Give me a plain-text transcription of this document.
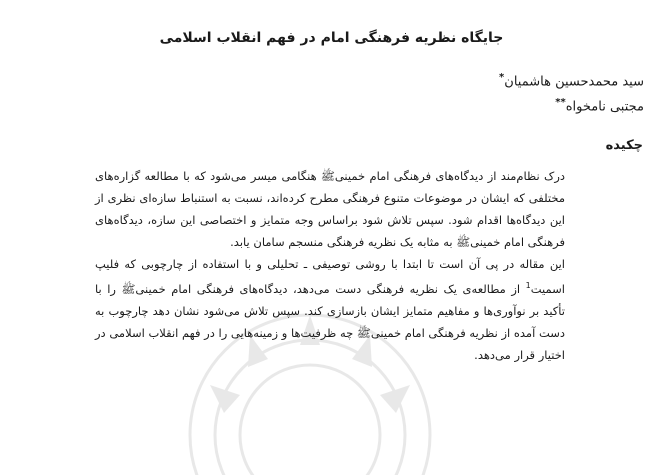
جایگاه نظریه فرهنگی امام در فهم انقلاب اسلامی
سید محمدحسین هاشمیان*
مجتبی نامخواه**
چکیده

درک نظام‌مند از دیدگاه‌های فرهنگی امام خمینی‌ﷺ هنگامی میسر می‌شود که با مطالعه گزاره‌های مختلفی که ایشان در موضوعات متنوع فرهنگی مطرح کرده‌اند، نسبت به استنباط سازه‌ای نظری از این دیدگاه‌ها اقدام شود. سپس تلاش شود براساس وجه متمایز و اختصاصی این سازه، دیدگاه‌های فرهنگی امام خمینی‌ﷺ به مثابه یک نظریه فرهنگی منسجم سامان یابد.

این مقاله در پی آن است تا ابتدا با روشی توصیفی ـ تحلیلی و با استفاده از چارچوبی که فلیپ اسمیت$^1$ از مطالعه‌ی یک نظریه فرهنگی دست می‌دهد، دیدگاه‌های فرهنگی امام خمینی‌ﷺ را با تأکید بر نوآوری‌ها و مفاهیم متمایز ایشان بازسازی کند. سپس تلاش می‌شود نشان دهد چارچوب به دست آمده از نظریه فرهنگی امام خمینی‌ﷺ چه ظرفیت‌ها و زمینه‌هایی را در فهم انقلاب اسلامی در اختیار قرار می‌دهد.
